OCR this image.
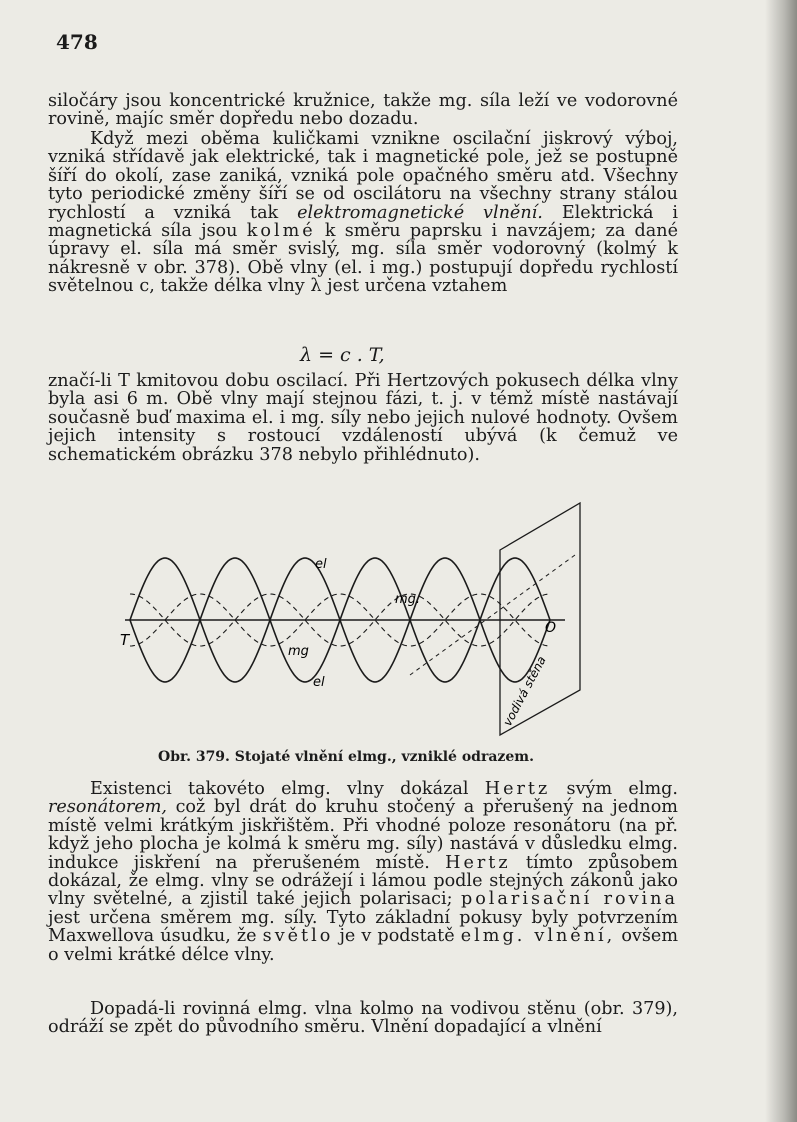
478

siločáry jsou koncentrické kružnice, takže mg. síla leží ve vodorovné rovině, majíc směr dopředu nebo dozadu.

Když mezi oběma kuličkami vznikne oscilační jiskrový výboj, vzniká střídavě jak elektrické, tak i magnetické pole, jež se postupně šíří do okolí, zase zaniká, vzniká pole opačného směru atd. Všechny tyto periodické změny šíří se od oscilátoru na všechny strany stálou rychlostí a vzniká tak elektromagnetické vlnění. Elektrická i magnetická síla jsou kolmé k směru paprsku i navzájem; za dané úpravy el. síla má směr svislý, mg. síla směr vodorovný (kolmý k nákresně v obr. 378). Obě vlny (el. i mg.) postupují dopředu rychlostí světelnou c, takže délka vlny λ jest určena vztahem

λ = c . T,

značí-li T kmitovou dobu oscilací. Při Hertzových pokusech délka vlny byla asi 6 m. Obě vlny mají stejnou fázi, t. j. v témž místě nastávají současně buď maxima el. i mg. síly nebo jejich nulové hodnoty. Ovšem jejich intensity s rostoucí vzdáleností ubývá (k čemuž ve schematickém obrázku 378 nebylo přihlédnuto).

el
mg.
mg
el
T
O
vodivá stěna
Obr. 379. Stojaté vlnění elmg., vzniklé odrazem.

Existenci takovéto elmg. vlny dokázal Hertz svým elmg. resonátorem, což byl drát do kruhu stočený a přerušený na jednom místě velmi krátkým jiskřištěm. Při vhodné poloze resonátoru (na př. když jeho plocha je kolmá k směru mg. síly) nastává v důsledku elmg. indukce jiskření na přerušeném místě. Hertz tímto způsobem dokázal, že elmg. vlny se odrážejí i lámou podle stejných zákonů jako vlny světelné, a zjistil také jejich polarisaci; polarisační rovina jest určena směrem mg. síly. Tyto základní pokusy byly potvrzením Maxwellova úsudku, že světlo je v podstatě elmg. vlnění, ovšem o velmi krátké délce vlny.

Dopadá-li rovinná elmg. vlna kolmo na vodivou stěnu (obr. 379), odráží se zpět do původního směru. Vlnění dopadající a vlnění
